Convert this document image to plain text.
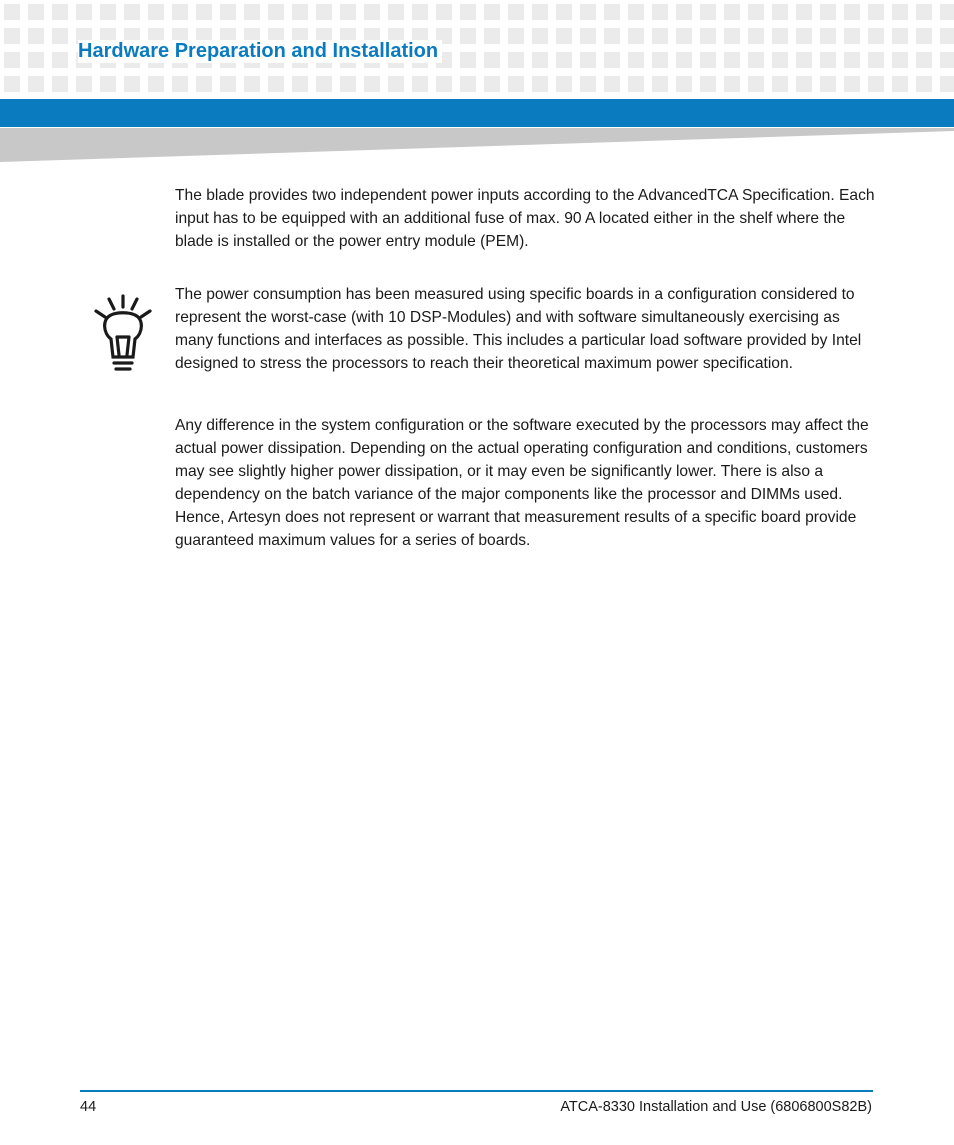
Hardware Preparation and Installation

The blade provides two independent power inputs according to the AdvancedTCA Specification. Each input has to be equipped with an additional fuse of max. 90 A located either in the shelf where the blade is installed or the power entry module (PEM).

The power consumption has been measured using specific boards in a configuration considered to represent the worst-case (with 10 DSP-Modules) and with software simultaneously exercising as many functions and interfaces as possible. This includes a particular load software provided by Intel designed to stress the processors to reach their theoretical maximum power specification.

Any difference in the system configuration or the software executed by the processors may affect the actual power dissipation. Depending on the actual operating configuration and conditions, customers may see slightly higher power dissipation, or it may even be significantly lower. There is also a dependency on the batch variance of the major components like the processor and DIMMs used. Hence, Artesyn does not represent or warrant that measurement results of a specific board provide guaranteed maximum values for a series of boards.

44	ATCA-8330 Installation and Use (6806800S82B)
